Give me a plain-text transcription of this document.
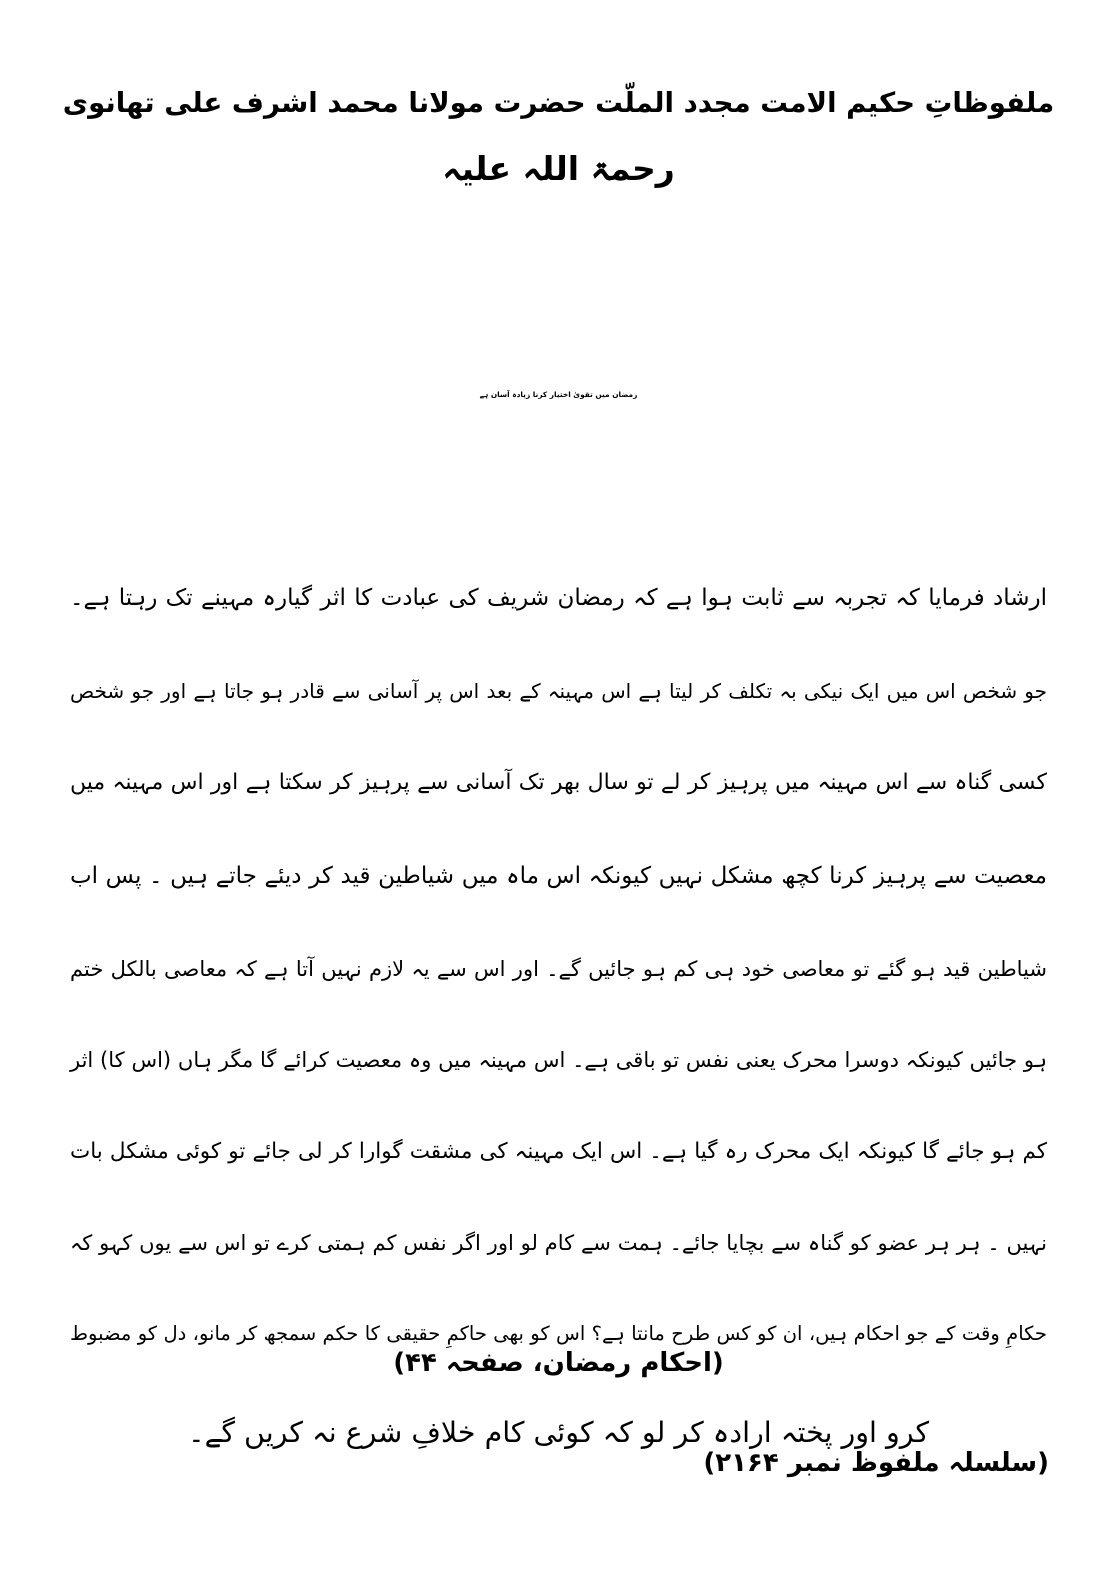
ملفوظاتِ حکیم الامت مجدد الملّت حضرت مولانا محمد اشرف علی تھانوی
رحمۃ اللہ علیہ
رمضان میں تقویٰ اختیار کرنا زیادہ آسان ہے

ارشاد فرمایا کہ تجربہ سے ثابت ہوا ہے کہ رمضان شریف کی عبادت کا اثر گیارہ مہینے تک رہتا ہے۔

جو شخص اس میں ایک نیکی بہ تکلف کر لیتا ہے اس مہینہ کے بعد اس پر آسانی سے قادر ہو جاتا ہے اور جو شخص

کسی گناہ سے اس مہینہ میں پرہیز کر لے تو سال بھر تک آسانی سے پرہیز کر سکتا ہے اور اس مہینہ میں

معصیت سے پرہیز کرنا کچھ مشکل نہیں کیونکہ اس ماہ میں شیاطین قید کر دیئے جاتے ہیں ۔ پس اب

شیاطین قید ہو گئے تو معاصی خود ہی کم ہو جائیں گے۔ اور اس سے یہ لازم نہیں آتا ہے کہ معاصی بالکل ختم

ہو جائیں کیونکہ دوسرا محرک یعنی نفس تو باقی ہے۔ اس مہینہ میں وہ معصیت کرائے گا مگر ہاں (اس کا) اثر

کم ہو جائے گا کیونکہ ایک محرک رہ گیا ہے۔ اس ایک مہینہ کی مشقت گوارا کر لی جائے تو کوئی مشکل بات

نہیں ۔ ہر ہر عضو کو گناہ سے بچایا جائے۔ ہمت سے کام لو اور اگر نفس کم ہمتی کرے تو اس سے یوں کہو کہ

حکامِ وقت کے جو احکام ہیں، ان کو کس طرح مانتا ہے؟ اس کو بھی حاکمِ حقیقی کا حکم سمجھ کر مانو، دل کو مضبوط

کرو اور پختہ ارادہ کر لو کہ کوئی کام خلافِ شرع نہ کریں گے۔

(احکام رمضان، صفحہ ۴۴)
(سلسلہ ملفوظ نمبر ۲۱۶۴)
